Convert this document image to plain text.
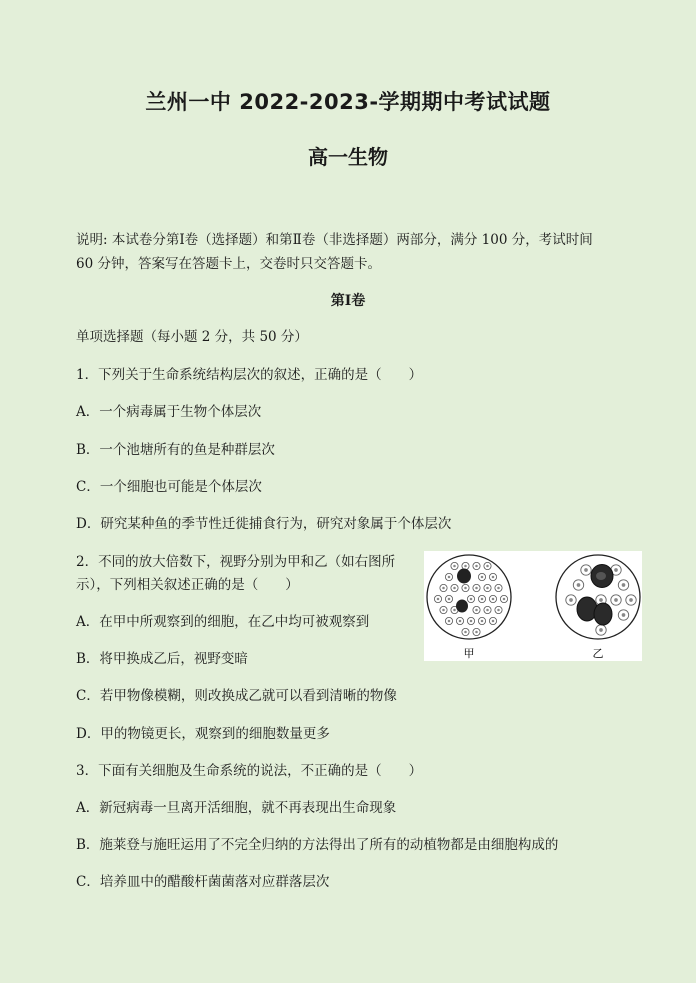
兰州一中 2022-2023-学期期中考试试题
高一生物
说明: 本试卷分第Ⅰ卷（选择题）和第Ⅱ卷（非选择题）两部分，满分 100 分，考试时间
60 分钟，答案写在答题卡上，交卷时只交答题卡。
第Ⅰ卷
单项选择题（每小题 2 分，共 50 分）
1．下列关于生命系统结构层次的叙述，正确的是（　　）
A．一个病毒属于生物个体层次
B．一个池塘所有的鱼是种群层次
C．一个细胞也可能是个体层次
D．研究某种鱼的季节性迁徙捕食行为，研究对象属于个体层次
2．不同的放大倍数下，视野分别为甲和乙（如右图所
示），下列相关叙述正确的是（　　）
A．在甲中所观察到的细胞，在乙中均可被观察到
B．将甲换成乙后，视野变暗
C．若甲物像模糊，则改换成乙就可以看到清晰的物像
D．甲的物镜更长，观察到的细胞数量更多
3．下面有关细胞及生命系统的说法，不正确的是（　　）
A．新冠病毒一旦离开活细胞，就不再表现出生命现象
B．施莱登与施旺运用了不完全归纳的方法得出了所有的动植物都是由细胞构成的
C．培养皿中的醋酸杆菌菌落对应群落层次
甲	乙
